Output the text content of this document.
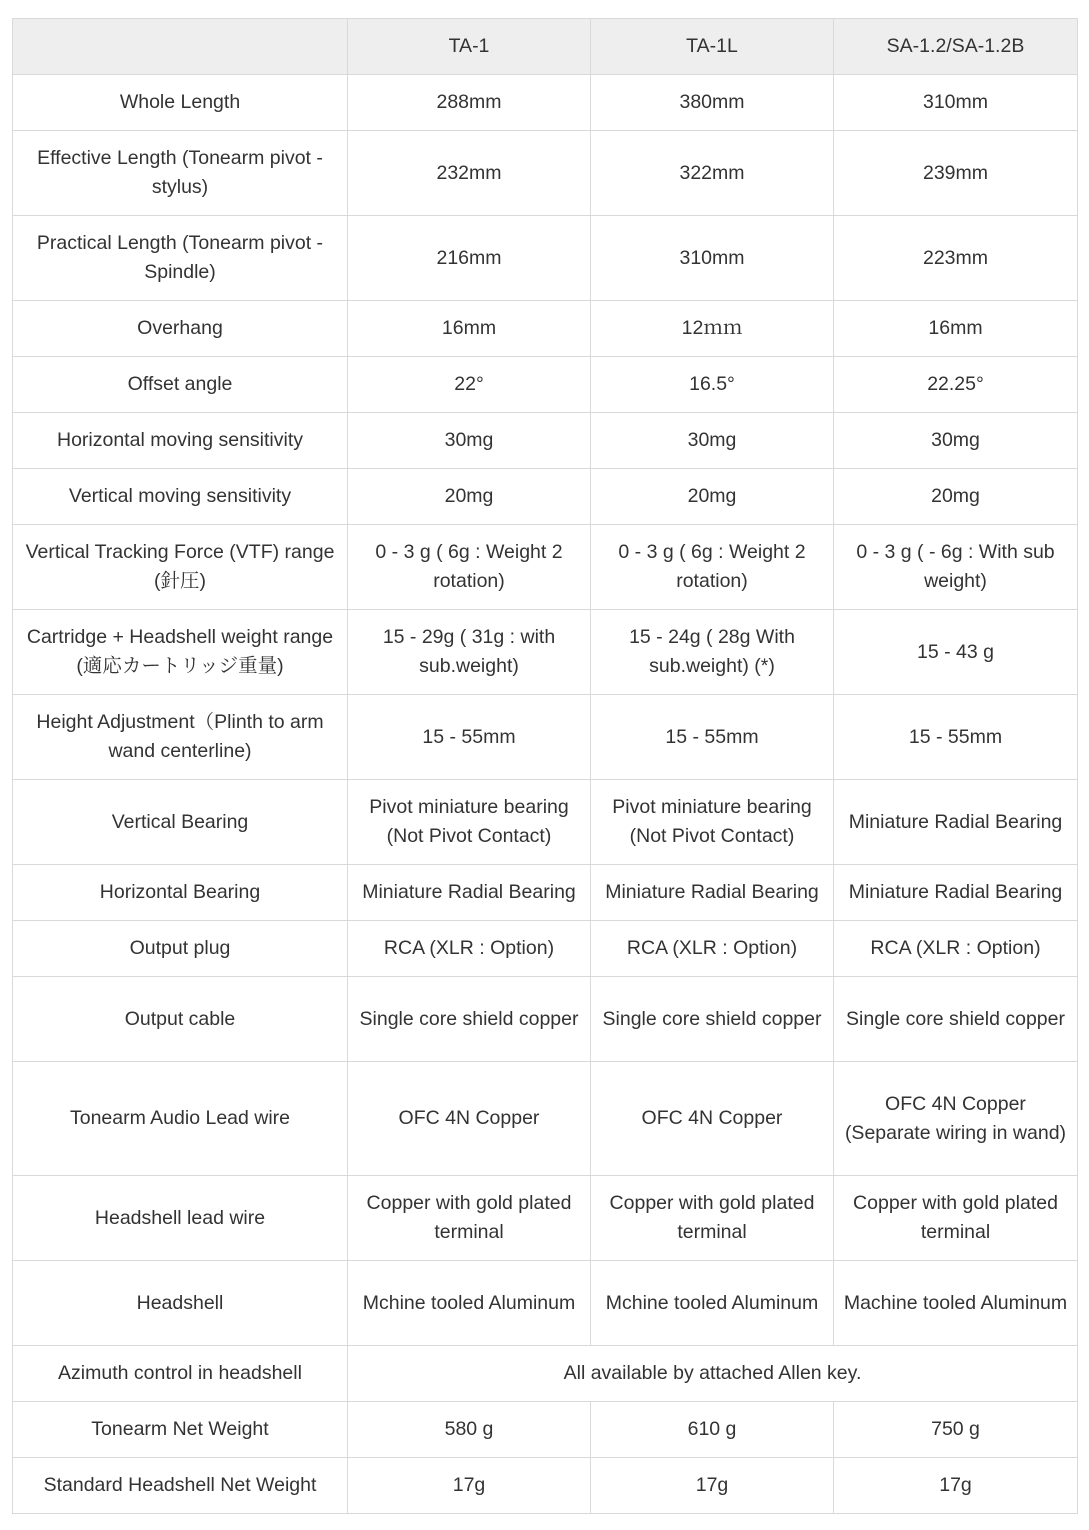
	TA-1	TA-1L	SA-1.2/SA-1.2B
Whole Length	288mm	380mm	310mm
Effective Length (Tonearm pivot - stylus)	232mm	322mm	239mm
Practical Length (Tonearm pivot - Spindle)	216mm	310mm	223mm
Overhang	16mm	12ｍｍ	16mm
Offset angle	22°	16.5°	22.25°
Horizontal moving sensitivity	30mg	30mg	30mg
Vertical moving sensitivity	20mg	20mg	20mg
Vertical Tracking Force (VTF) range (針圧)	0 - 3 g ( 6g : Weight 2 rotation)	0 - 3 g ( 6g : Weight 2 rotation)	0 - 3 g ( - 6g : With sub weight)
Cartridge + Headshell weight range (適応カートリッジ重量)	15 - 29g ( 31g : with sub.weight)	15 - 24g ( 28g With sub.weight) (*)	15 - 43 g
Height Adjustment（Plinth to arm wand centerline)	15 - 55mm	15 - 55mm	15 - 55mm
Vertical Bearing	Pivot miniature bearing (Not Pivot Contact)	Pivot miniature bearing (Not Pivot Contact)	Miniature Radial Bearing
Horizontal Bearing	Miniature Radial Bearing	Miniature Radial Bearing	Miniature Radial Bearing
Output plug	RCA (XLR : Option)	RCA (XLR : Option)	RCA (XLR : Option)
Output cable	Single core shield copper	Single core shield copper	Single core shield copper
Tonearm Audio Lead wire	OFC 4N Copper	OFC 4N Copper	OFC 4N Copper (Separate wiring in wand)
Headshell lead wire	Copper with gold plated terminal	Copper with gold plated terminal	Copper with gold plated terminal
Headshell	Mchine tooled Aluminum	Mchine tooled Aluminum	Machine tooled Aluminum
Azimuth control in headshell	All available by attached Allen key.		
Tonearm Net Weight	580 g	610 g	750 g
Standard Headshell Net Weight	17g	17g	17g
